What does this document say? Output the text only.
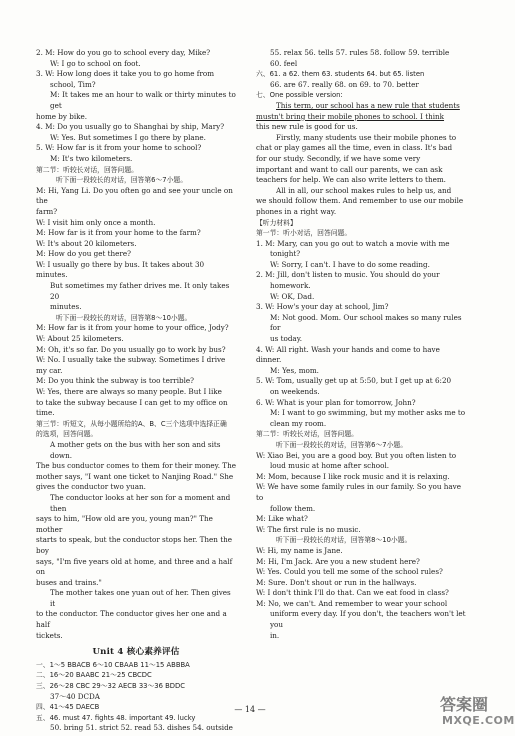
2. M: How do you go to school every day, Mike?

W: I go to school on foot.

3. W: How long does it take you to go home from

school, Tim?

M: It takes me an hour to walk or thirty minutes to get

home by bike.

4. M: Do you usually go to Shanghai by ship, Mary?

W: Yes. But sometimes I go there by plane.

5. W: How far is it from your home to school?

M: It's two kilometers.

第二节：听较长对话，回答问题。

听下面一段较长的对话，回答第6～7小题。

M: Hi, Yang Li. Do you often go and see your uncle on the

farm?

W: I visit him only once a month.

M: How far is it from your home to the farm?

W: It's about 20 kilometers.

M: How do you get there?

W: I usually go there by bus. It takes about 30 minutes.

But sometimes my father drives me. It only takes 20

minutes.

听下面一段较长的对话，回答第8～10小题。

M: How far is it from your home to your office, Jody?

W: About 25 kilometers.

M: Oh, it's so far. Do you usually go to work by bus?

W: No. I usually take the subway. Sometimes I drive my car.

M: Do you think the subway is too terrible?

W: Yes, there are always so many people. But I like

to take the subway because I can get to my office on time.

第三节：听短文，从每小题所给的A、B、C三个选项中选择正确

的选项，回答问题。

A mother gets on the bus with her son and sits down.

The bus conductor comes to them for their money. The

mother says, "I want one ticket to Nanjing Road." She

gives the conductor two yuan.

The conductor looks at her son for a moment and then

says to him, "How old are you, young man?" The mother

starts to speak, but the conductor stops her. Then the boy

says, "I'm five years old at home, and three and a half on

buses and trains."

The mother takes one yuan out of her. Then gives it

to the conductor. The conductor gives her one and a half

tickets.

Unit 4 核心素养评估

一、1～5 BBACB 6～10 CBAAB 11～15 ABBBA

二、16～20 BAABC 21～25 CBCDC

三、26～28 CBC 29～32 AECB 33～36 BDDC

37～40 DCDA

四、41～45 DAECB

五、46. must 47. fights 48. important 49. lucky

50. bring 51. strict 52. read 53. dishes 54. outside

55. relax 56. tells 57. rules 58. follow 59. terrible

60. feel

六、61. a 62. them 63. students 64. but 65. listen

66. are 67. really 68. on 69. to 70. better

七、One possible version:

This term, our school has a new rule that students

mustn't bring their mobile phones to school. I think

this new rule is good for us.

Firstly, many students use their mobile phones to

chat or play games all the time, even in class. It's bad

for our study. Secondly, if we have some very

important and want to call our parents, we can ask

teachers for help. We can also write letters to them.

All in all, our school makes rules to help us, and

we should follow them. And remember to use our mobile

phones in a right way.

【听力材料】

第一节：听小对话，回答问题。

1. M: Mary, can you go out to watch a movie with me

tonight?

W: Sorry, I can't. I have to do some reading.

2. M: Jill, don't listen to music. You should do your

homework.

W: OK, Dad.

3. W: How's your day at school, Jim?

M: Not good. Mom. Our school makes so many rules for

us today.

4. W: All right. Wash your hands and come to have dinner.

M: Yes, mom.

5. W: Tom, usually get up at 5:50, but I get up at 6:20

on weekends.

6. W: What is your plan for tomorrow, John?

M: I want to go swimming, but my mother asks me to

clean my room.

第二节：听较长对话，回答问题。

听下面一段较长的对话，回答第6～7小题。

W: Xiao Bei, you are a good boy. But you often listen to

loud music at home after school.

M: Mom, because I like rock music and it is relaxing.

W: We have some family rules in our family. So you have to

follow them.

M: Like what?

W: The first rule is no music.

听下面一段较长的对话，回答第8～10小题。

W: Hi, my name is Jane.

M: Hi, I'm Jack. Are you a new student here?

W: Yes. Could you tell me some of the school rules?

M: Sure. Don't shout or run in the hallways.

W: I don't think I'll do that. Can we eat food in class?

M: No, we can't. And remember to wear your school

uniform every day. If you don't, the teachers won't let you

in.

— 14 —	答案圈
MXQE.COM
